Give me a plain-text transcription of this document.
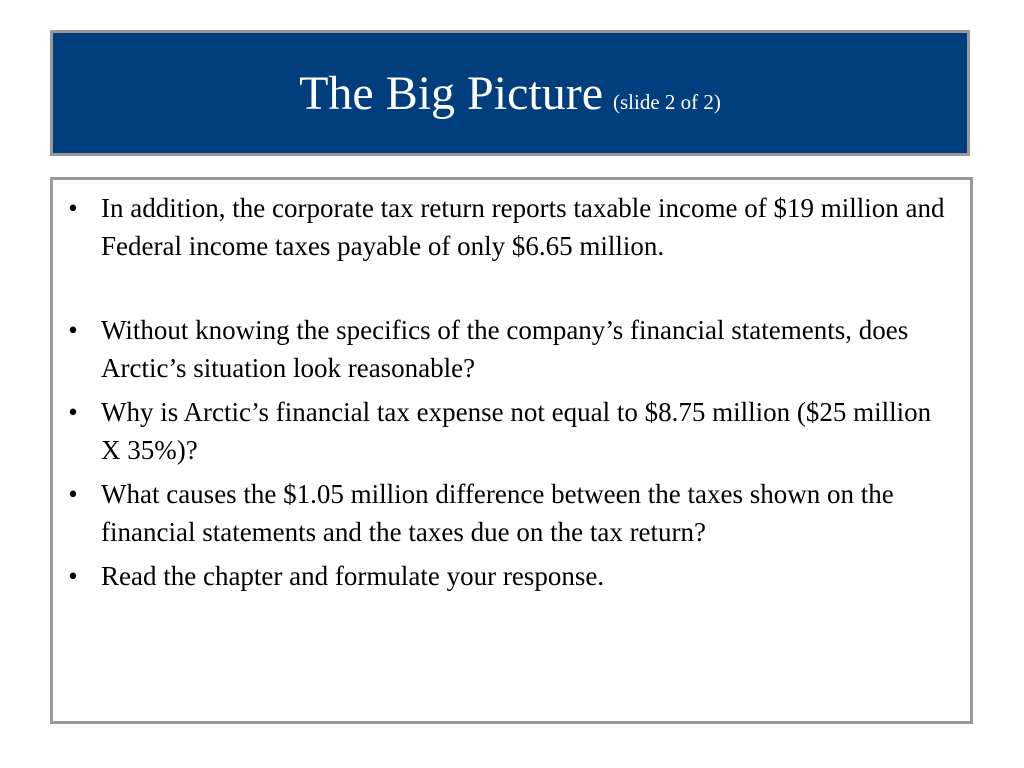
The Big Picture (slide 2 of 2)
• In addition, the corporate tax return reports taxable income of $19 million and Federal income taxes payable of only $6.65 million.
• Without knowing the specifics of the company’s financial statements, does Arctic’s situation look reasonable?
• Why is Arctic’s financial tax expense not equal to $8.75 million ($25 million X 35%)?
• What causes the $1.05 million difference between the taxes shown on the financial statements and the taxes due on the tax return?
• Read the chapter and formulate your response.
